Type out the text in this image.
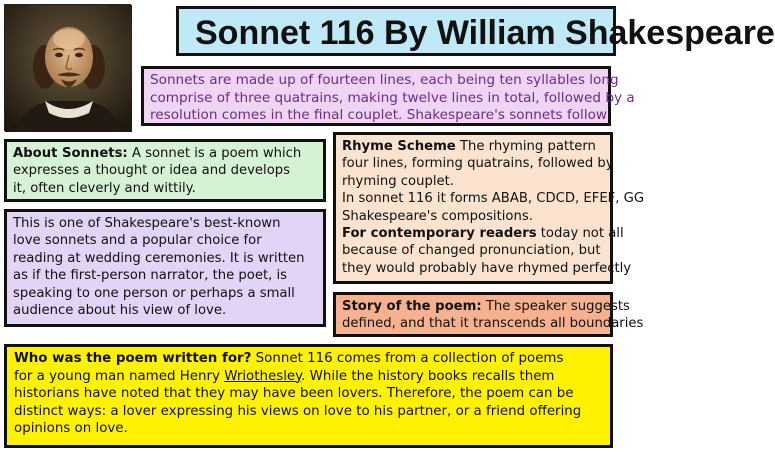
Sonnet 116 By William Shakespeare
Sonnets are made up of fourteen lines, each being ten syllables long
comprise of three quatrains, making twelve lines in total, followed by a
resolution comes in the final couplet. Shakespeare's sonnets follow
About Sonnets: A sonnet is a poem which
expresses a thought or idea and develops
it, often cleverly and wittily.
This is one of Shakespeare's best-known
love sonnets and a popular choice for
reading at wedding ceremonies. It is written
as if the first-person narrator, the poet, is
speaking to one person or perhaps a small
audience about his view of love.
Rhyme Scheme The rhyming pattern
four lines, forming quatrains, followed by
rhyming couplet.
In sonnet 116 it forms ABAB, CDCD, EFEF, GG
Shakespeare's compositions.
For contemporary readers today not all
because of changed pronunciation, but
they would probably have rhymed perfectly
Story of the poem: The speaker suggests
defined, and that it transcends all boundaries
Who was the poem written for? Sonnet 116 comes from a collection of poems
for a young man named Henry Wriothesley. While the history books recalls them
historians have noted that they may have been lovers. Therefore, the poem can be
distinct ways: a lover expressing his views on love to his partner, or a friend offering
opinions on love.
